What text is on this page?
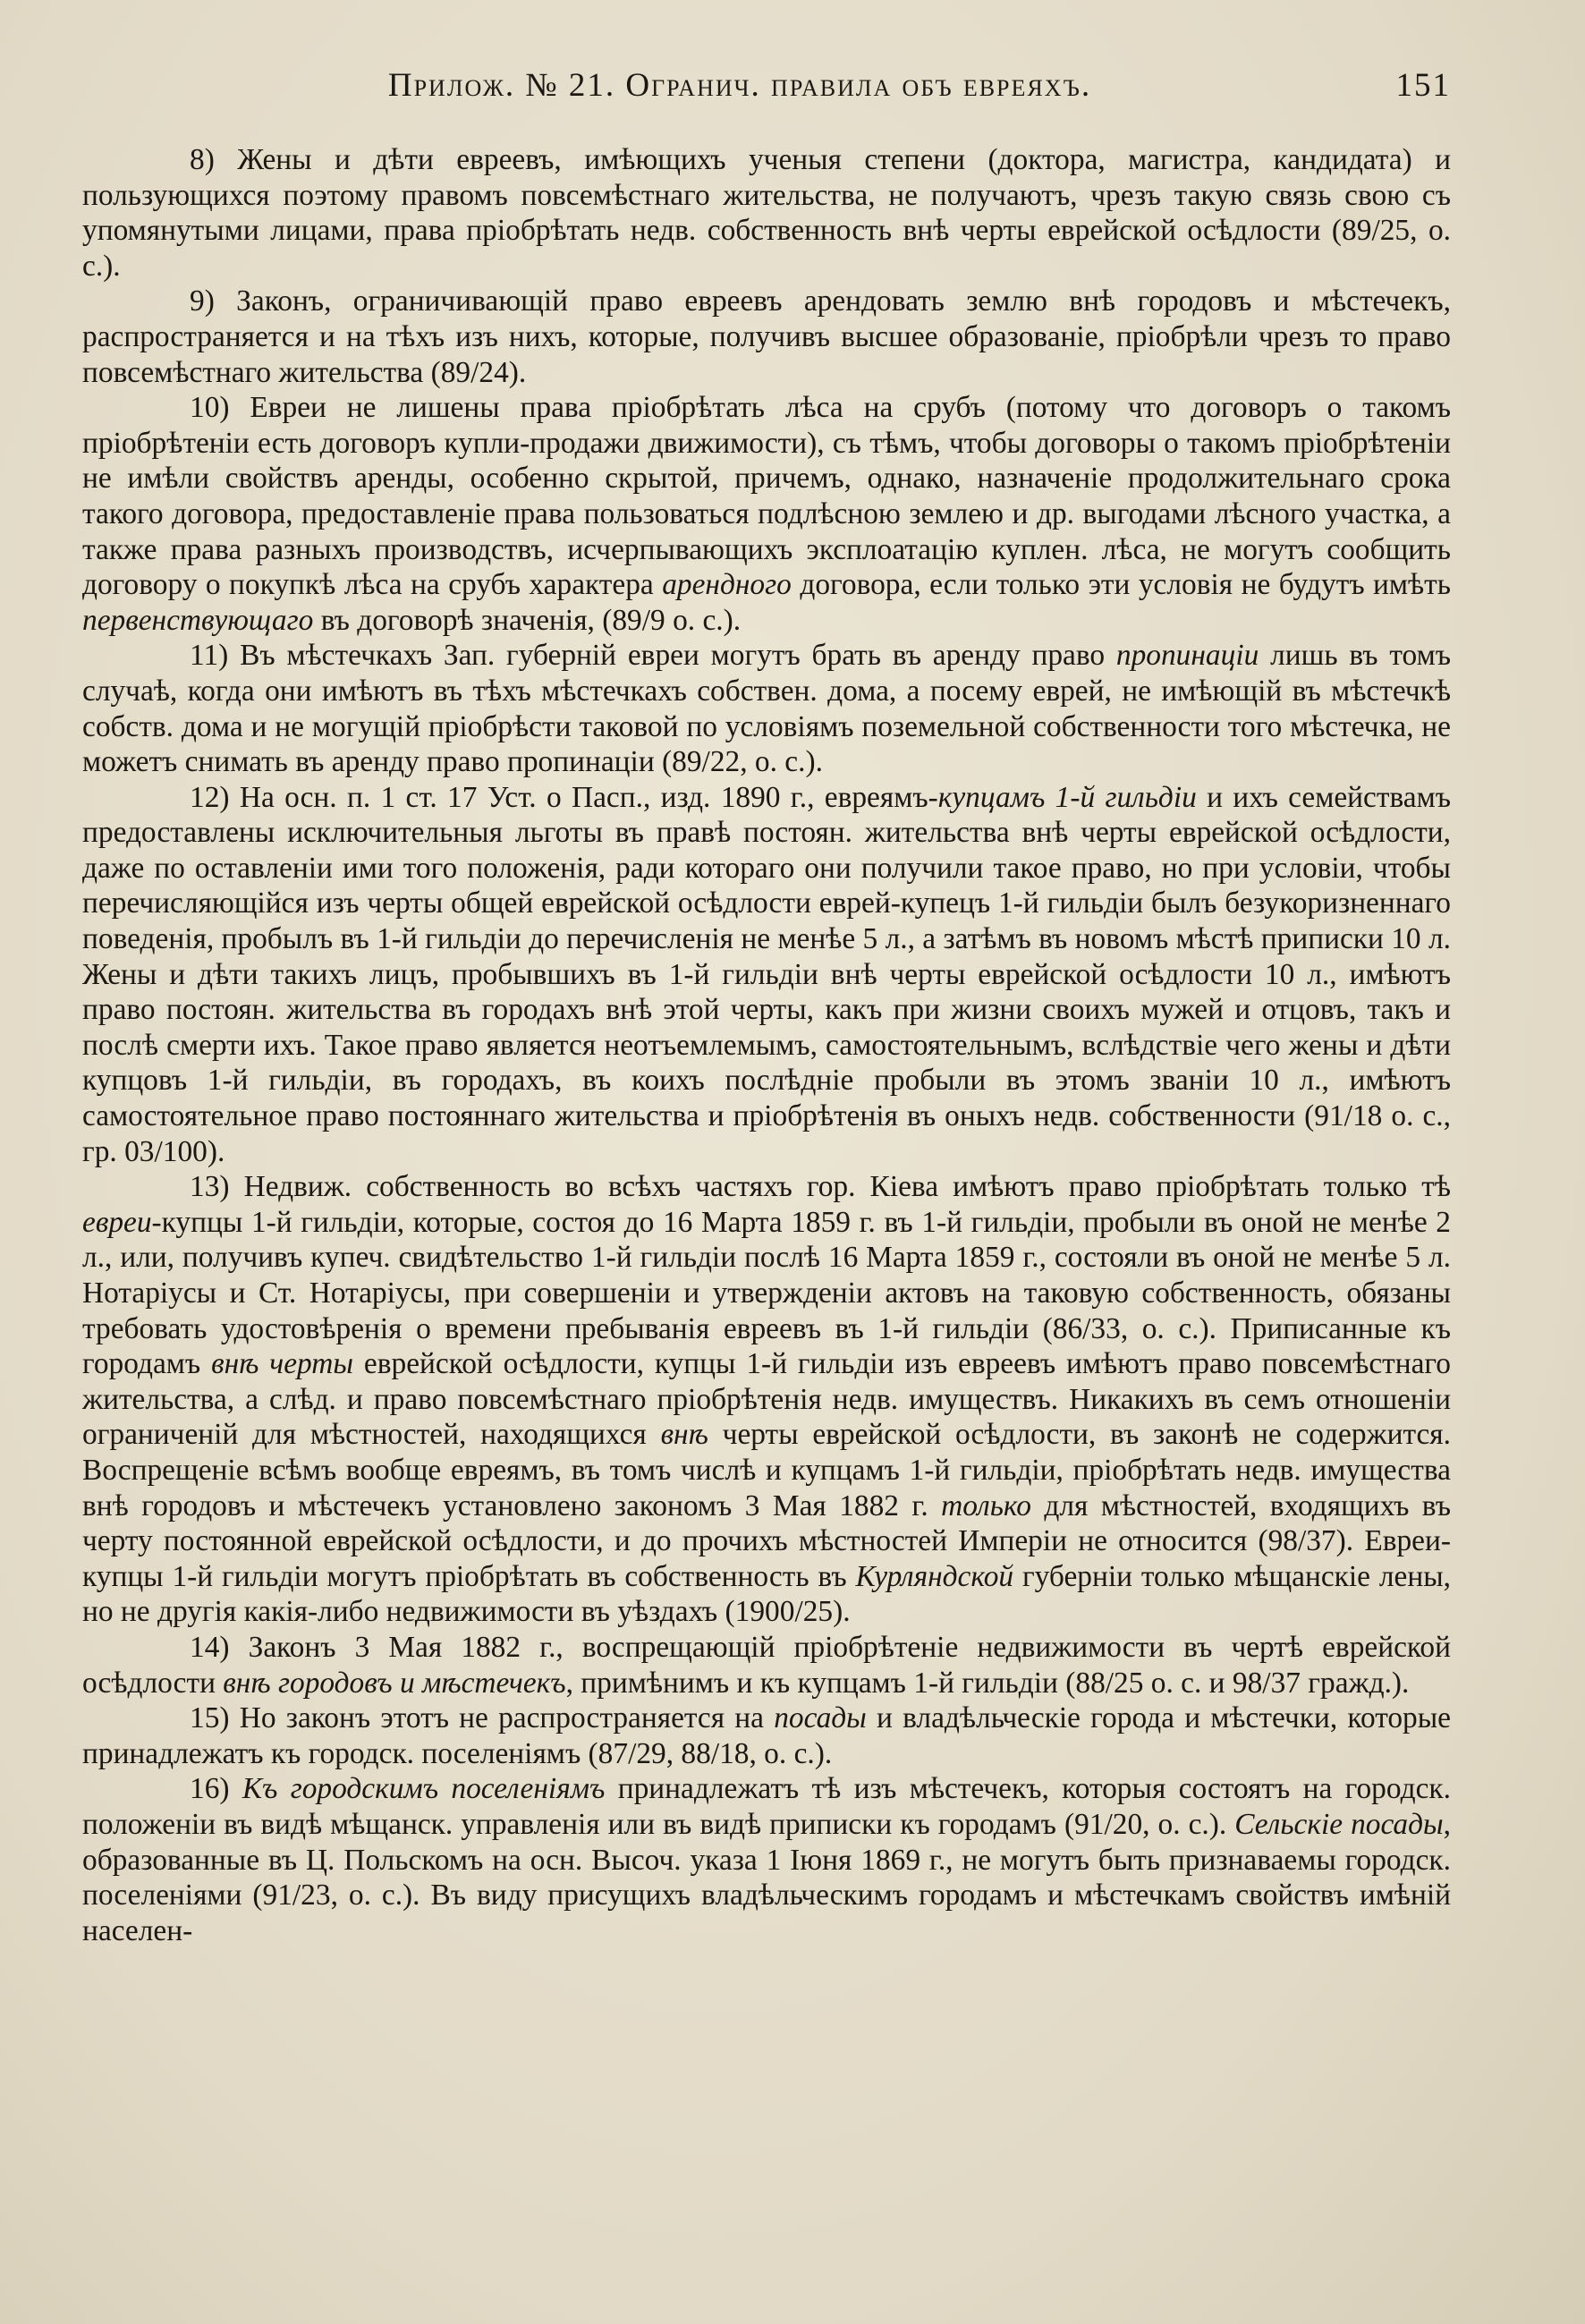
Прилож. № 21. Огранич. правила объ евреяхъ.	151

8) Жены и дѣти евреевъ, имѣющихъ ученыя степени (доктора, магистра, кандидата) и пользующихся поэтому правомъ повсемѣстнаго жительства, не получаютъ, чрезъ такую связь свою съ упомянутыми лицами, права пріобрѣтать недв. собственность внѣ черты еврейской осѣдлости (89/25, о. с.).

9) Законъ, ограничивающій право евреевъ арендовать землю внѣ городовъ и мѣстечекъ, распространяется и на тѣхъ изъ нихъ, которые, получивъ высшее образованіе, пріобрѣли чрезъ то право повсемѣстнаго жительства (89/24).

10) Евреи не лишены права пріобрѣтать лѣса на срубъ (потому что договоръ о такомъ пріобрѣтеніи есть договоръ купли-продажи движимости), съ тѣмъ, чтобы договоры о такомъ пріобрѣтеніи не имѣли свойствъ аренды, особенно скрытой, причемъ, однако, назначеніе продолжительнаго срока такого договора, предоставленіе права пользоваться подлѣсною землею и др. выгодами лѣсного участка, а также права разныхъ производствъ, исчерпывающихъ эксплоатацію куплен. лѣса, не могутъ сообщить договору о покупкѣ лѣса на срубъ характера арендного договора, если только эти условія не будутъ имѣть первенствующаго въ договорѣ значенія, (89/9 о. с.).

11) Въ мѣстечкахъ Зап. губерній евреи могутъ брать въ аренду право пропинаціи лишь въ томъ случаѣ, когда они имѣютъ въ тѣхъ мѣстечкахъ собствен. дома, а посему еврей, не имѣющій въ мѣстечкѣ собств. дома и не могущій пріобрѣсти таковой по условіямъ поземельной собственности того мѣстечка, не можетъ снимать въ аренду право пропинаціи (89/22, о. с.).

12) На осн. п. 1 ст. 17 Уст. о Пасп., изд. 1890 г., евреямъ-купцамъ 1-й гильдіи и ихъ семействамъ предоставлены исключительныя льготы въ правѣ постоян. жительства внѣ черты еврейской осѣдлости, даже по оставленіи ими того положенія, ради котораго они получили такое право, но при условіи, чтобы перечисляющійся изъ черты общей еврейской осѣдлости еврей-купецъ 1-й гильдіи былъ безукоризненнаго поведенія, пробылъ въ 1-й гильдіи до перечисленія не менѣе 5 л., а затѣмъ въ новомъ мѣстѣ приписки 10 л. Жены и дѣти такихъ лицъ, пробывшихъ въ 1-й гильдіи внѣ черты еврейской осѣдлости 10 л., имѣютъ право постоян. жительства въ городахъ внѣ этой черты, какъ при жизни своихъ мужей и отцовъ, такъ и послѣ смерти ихъ. Такое право является неотъемлемымъ, самостоятельнымъ, вслѣдствіе чего жены и дѣти купцовъ 1-й гильдіи, въ городахъ, въ коихъ послѣдніе пробыли въ этомъ званіи 10 л., имѣютъ самостоятельное право постояннаго жительства и пріобрѣтенія въ оныхъ недв. собственности (91/18 о. с., гр. 03/100).

13) Недвиж. собственность во всѣхъ частяхъ гор. Кіева имѣютъ право пріобрѣтать только тѣ евреи-купцы 1-й гильдіи, которые, состоя до 16 Марта 1859 г. въ 1-й гильдіи, пробыли въ оной не менѣе 2 л., или, получивъ купеч. свидѣтельство 1-й гильдіи послѣ 16 Марта 1859 г., состояли въ оной не менѣе 5 л. Нотаріусы и Ст. Нотаріусы, при совершеніи и утвержденіи актовъ на таковую собственность, обязаны требовать удостовѣренія о времени пребыванія евреевъ въ 1-й гильдіи (86/33, о. с.). Приписанные къ городамъ внѣ черты еврейской осѣдлости, купцы 1-й гильдіи изъ евреевъ имѣютъ право повсемѣстнаго жительства, а слѣд. и право повсемѣстнаго пріобрѣтенія недв. имуществъ. Никакихъ въ семъ отношеніи ограниченій для мѣстностей, находящихся внѣ черты еврейской осѣдлости, въ законѣ не содержится. Воспрещеніе всѣмъ вообще евреямъ, въ томъ числѣ и купцамъ 1-й гильдіи, пріобрѣтать недв. имущества внѣ городовъ и мѣстечекъ установлено закономъ 3 Мая 1882 г. только для мѣстностей, входящихъ въ черту постоянной еврейской осѣдлости, и до прочихъ мѣстностей Имперіи не относится (98/37). Евреи-купцы 1-й гильдіи могутъ пріобрѣтать въ собственность въ Курляндской губерніи только мѣщанскіе лены, но не другія какія-либо недвижимости въ уѣздахъ (1900/25).

14) Законъ 3 Мая 1882 г., воспрещающій пріобрѣтеніе недвижимости въ чертѣ еврейской осѣдлости внѣ городовъ и мѣстечекъ, примѣнимъ и къ купцамъ 1-й гильдіи (88/25 о. с. и 98/37 гражд.).

15) Но законъ этотъ не распространяется на посады и владѣльческіе города и мѣстечки, которые принадлежатъ къ городск. поселеніямъ (87/29, 88/18, о. с.).

16) Къ городскимъ поселеніямъ принадлежатъ тѣ изъ мѣстечекъ, которыя состоятъ на городск. положеніи въ видѣ мѣщанск. управленія или въ видѣ приписки къ городамъ (91/20, о. с.). Сельскіе посады, образованные въ Ц. Польскомъ на осн. Высоч. указа 1 Іюня 1869 г., не могутъ быть признаваемы городск. поселеніями (91/23, о. с.). Въ виду присущихъ владѣльческимъ городамъ и мѣстечкамъ свойствъ имѣній населен-
